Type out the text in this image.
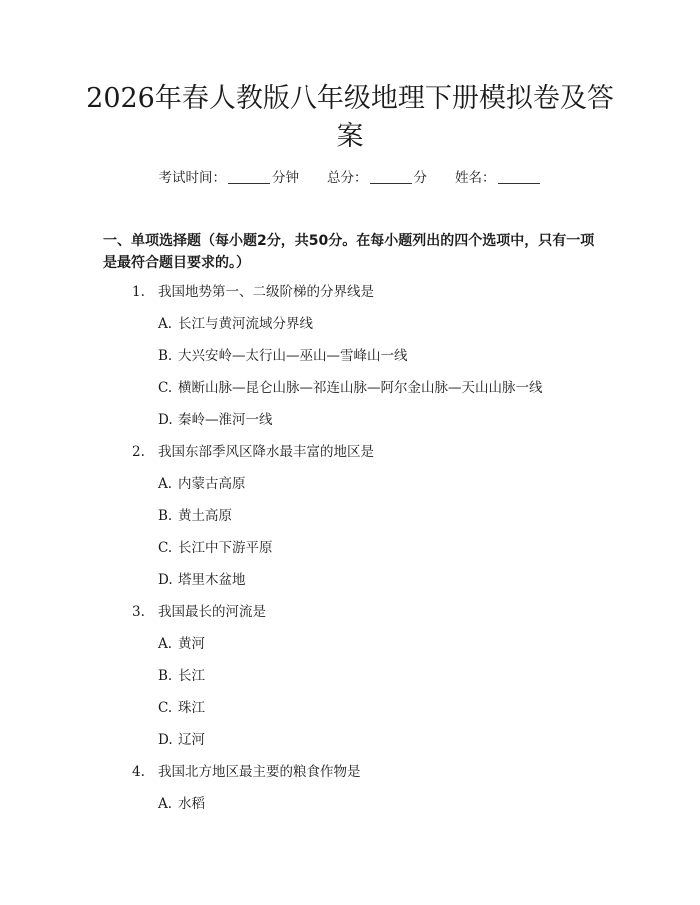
2026年春人教版八年级地理下册模拟卷及答案
考试时间：	分钟 总分：	分 姓名：
一、单项选择题（每小题2分，共50分。在每小题列出的四个选项中，只有一项是最符合题目要求的。）
1. 我国地势第一、二级阶梯的分界线是
A. 长江与黄河流域分界线
B. 大兴安岭—太行山—巫山—雪峰山一线
C. 横断山脉—昆仑山脉—祁连山脉—阿尔金山脉—天山山脉一线
D. 秦岭—淮河一线
2. 我国东部季风区降水最丰富的地区是
A. 内蒙古高原
B. 黄土高原
C. 长江中下游平原
D. 塔里木盆地
3. 我国最长的河流是
A. 黄河
B. 长江
C. 珠江
D. 辽河
4. 我国北方地区最主要的粮食作物是
A. 水稻
